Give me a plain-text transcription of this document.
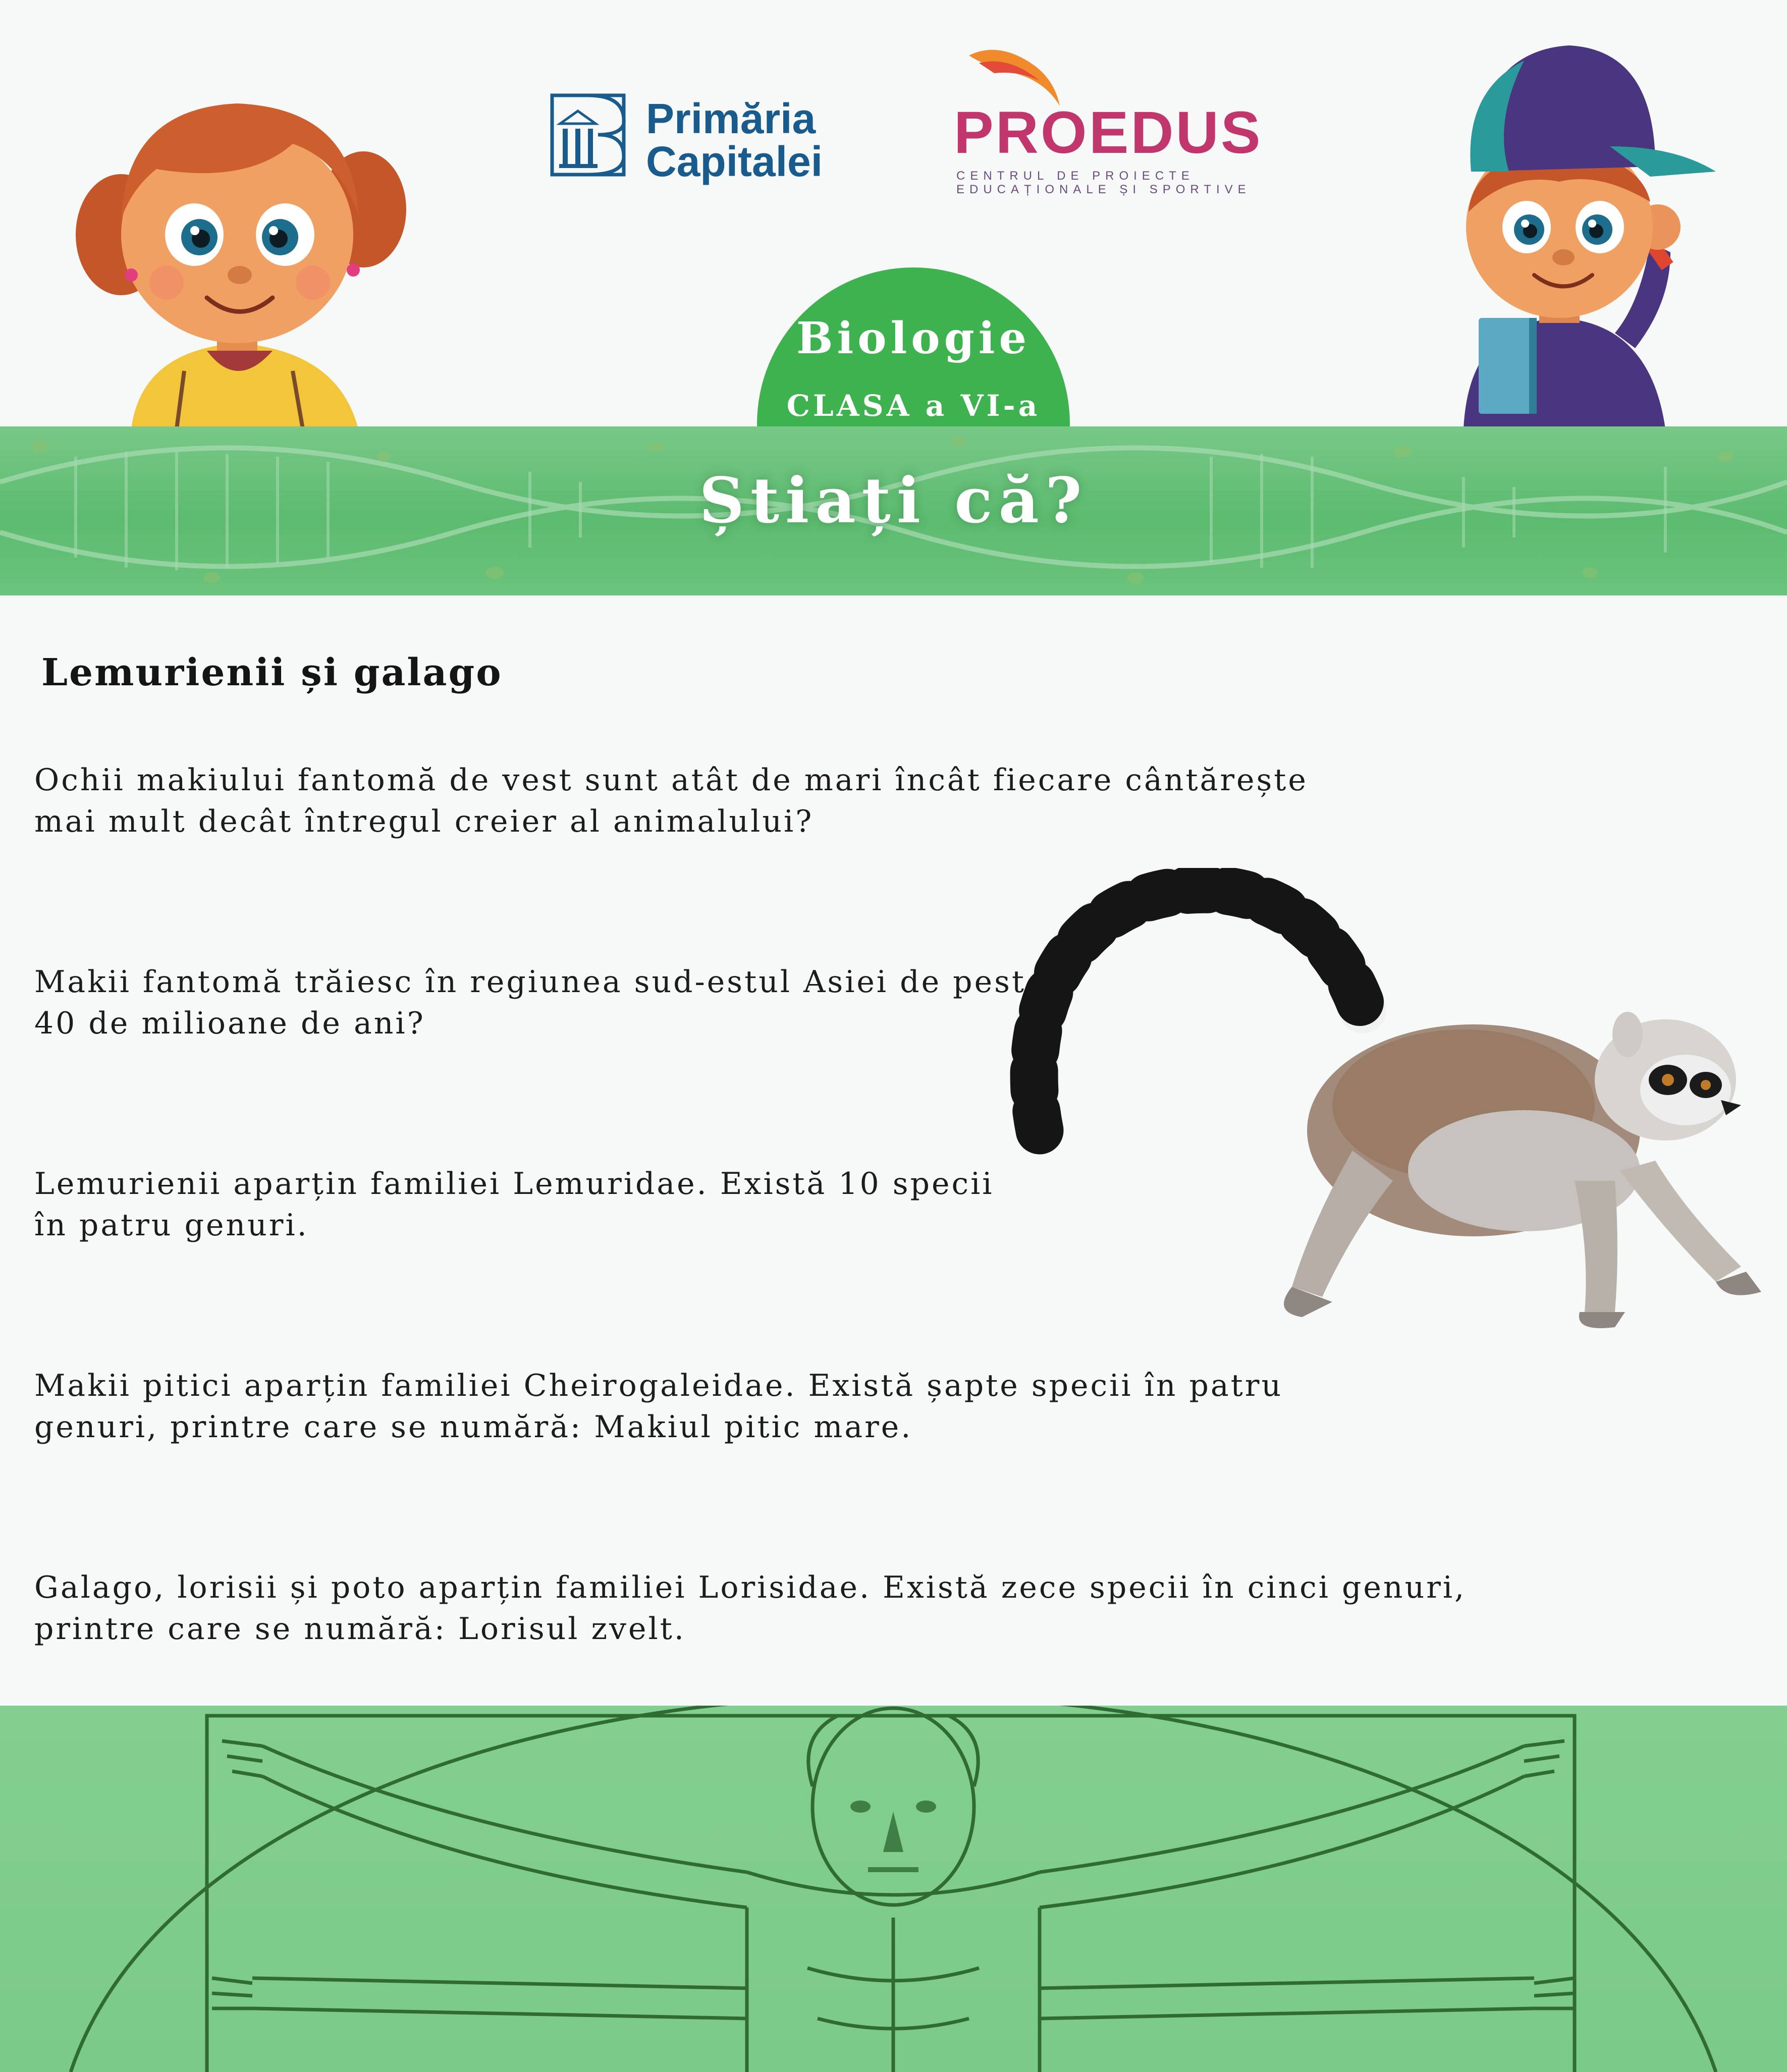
Primăria
Capitalei PROEDUS
CENTRUL DE PROIECTE
EDUCAȚIONALE ȘI SPORTIVE
Biologie
CLASA a VI-a
Știați că?
Lemurienii și galago
Ochii makiului fantomă de vest sunt atât de mari încât fiecare cântărește
mai mult decât întregul creier al animalului?
Makii fantomă trăiesc în regiunea sud-estul Asiei de peste
40 de milioane de ani?
Lemurienii aparțin familiei Lemuridae. Există 10 specii
în patru genuri.
Makii pitici aparțin familiei Cheirogaleidae. Există șapte specii în patru
genuri, printre care se numără: Makiul pitic mare.
Galago, lorisii și poto aparțin familiei Lorisidae. Există zece specii în cinci genuri,
printre care se numără: Lorisul zvelt.
